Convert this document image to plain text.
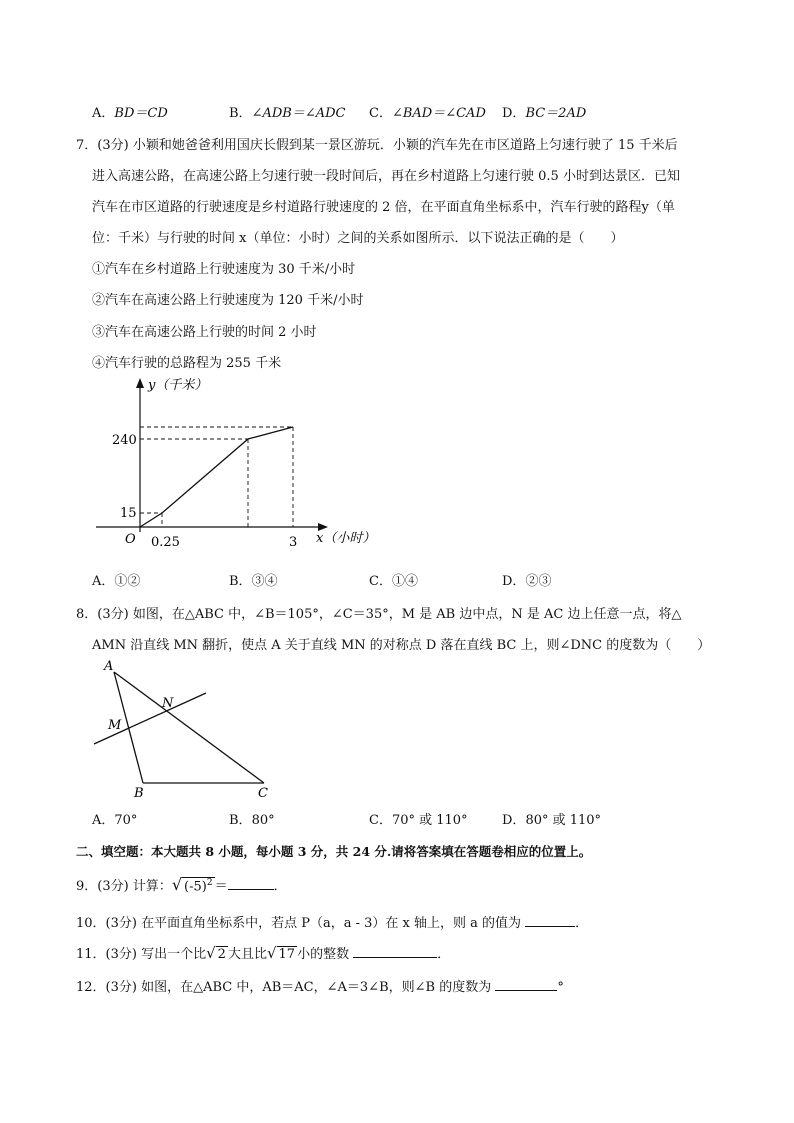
A．BD＝CD	B．∠ADB＝∠ADC C．∠BAD＝∠CAD D．BC＝2AD
7．(3分) 小颖和她爸爸利用国庆长假到某一景区游玩．小颖的汽车先在市区道路上匀速行驶了 15 千米后
进入高速公路，在高速公路上匀速行驶一段时间后，再在乡村道路上匀速行驶 0.5 小时到达景区．已知
汽车在市区道路的行驶速度是乡村道路行驶速度的 2 倍，在平面直角坐标系中，汽车行驶的路程y（单
位：千米）与行驶的时间 x（单位：小时）之间的关系如图所示．以下说法正确的是（　　）
①汽车在乡村道路上行驶速度为 30 千米/小时
②汽车在高速公路上行驶速度为 120 千米/小时
③汽车在高速公路上行驶的时间 2 小时
④汽车行驶的总路程为 255 千米
y（千米）
x（小时）
O
240
15
0.25	3
A．①②	B．③④	C．①④	D．②③
8．(3分) 如图，在△ABC 中，∠B＝105°，∠C＝35°，M 是 AB 边中点，N 是 AC 边上任意一点，将△
AMN 沿直线 MN 翻折，使点 A 关于直线 MN 的对称点 D 落在直线 BC 上，则∠DNC 的度数为（　　）
A
B	C
M
N
A．70°	B．80°	C．70° 或 110°	D．80° 或 110°
二、填空题：本大题共 8 小题，每小题 3 分，共 24 分.请将答案填在答题卷相应的位置上。
9．(3分) 计算：√ $(-5)^2$ ＝	．
10．(3分) 在平面直角坐标系中，若点 P（a，a - 3）在 x 轴上，则 a 的值为	．
11．(3分) 写出一个比√ 2 大且比√ 17 小的整数	．
12．(3分) 如图，在△ABC 中，AB＝AC，∠A＝3∠B，则∠B 的度数为	°
